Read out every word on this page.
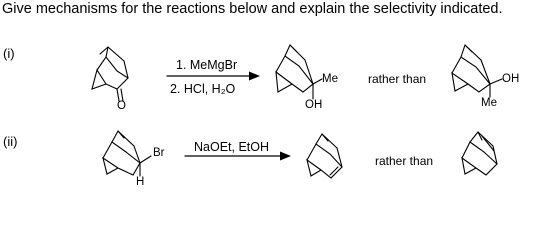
Give mechanisms for the reactions below and explain the selectivity indicated.
(i)
(ii)
O
1. MeMgBr
2. HCl, H₂O
Me
OH
rather than	OH
Me
Br
H
NaOEt, EtOH
rather than
